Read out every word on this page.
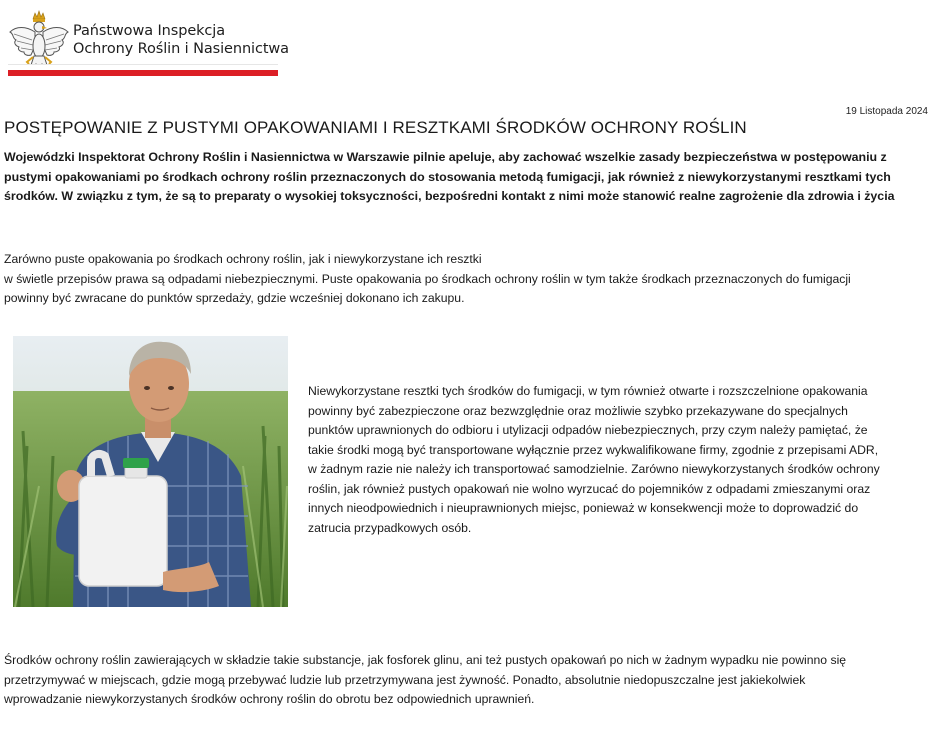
Państwowa Inspekcja
Ochrony Roślin i Nasiennictwa
19 Listopada 2024
POSTĘPOWANIE Z PUSTYMI OPAKOWANIAMI I RESZTKAMI ŚRODKÓW OCHRONY ROŚLIN

Wojewódzki Inspektorat Ochrony Roślin i Nasiennictwa w Warszawie pilnie apeluje, aby zachować wszelkie zasady bezpieczeństwa w postępowaniu z pustymi opakowaniami po środkach ochrony roślin przeznaczonych do stosowania metodą fumigacji, jak również z niewykorzystanymi resztkami tych środków. W związku z tym, że są to preparaty o wysokiej toksyczności, bezpośredni kontakt z nimi może stanowić realne zagrożenie dla zdrowia i życia

Zarówno puste opakowania po środkach ochrony roślin, jak i niewykorzystane ich resztki
w świetle przepisów prawa są odpadami niebezpiecznymi. Puste opakowania po środkach ochrony roślin w tym także środkach przeznaczonych do fumigacji
powinny być zwracane do punktów sprzedaży, gdzie wcześniej dokonano ich zakupu.

Niewykorzystane resztki tych środków do fumigacji, w tym również otwarte i rozszczelnione opakowania
powinny być zabezpieczone oraz bezwzględnie oraz możliwie szybko przekazywane do specjalnych
punktów uprawnionych do odbioru i utylizacji odpadów niebezpiecznych, przy czym należy pamiętać, że
takie środki mogą być transportowane wyłącznie przez wykwalifikowane firmy, zgodnie z przepisami ADR,
w żadnym razie nie należy ich transportować samodzielnie. Zarówno niewykorzystanych środków ochrony
roślin, jak również pustych opakowań nie wolno wyrzucać do pojemników z odpadami zmieszanymi oraz
innych nieodpowiednich i nieuprawnionych miejsc, ponieważ w konsekwencji może to doprowadzić do
zatrucia przypadkowych osób.

Środków ochrony roślin zawierających w składzie takie substancje, jak fosforek glinu, ani też pustych opakowań po nich w żadnym wypadku nie powinno się
przetrzymywać w miejscach, gdzie mogą przebywać ludzie lub przetrzymywana jest żywność. Ponadto, absolutnie niedopuszczalne jest jakiekolwiek
wprowadzanie niewykorzystanych środków ochrony roślin do obrotu bez odpowiednich uprawnień.
